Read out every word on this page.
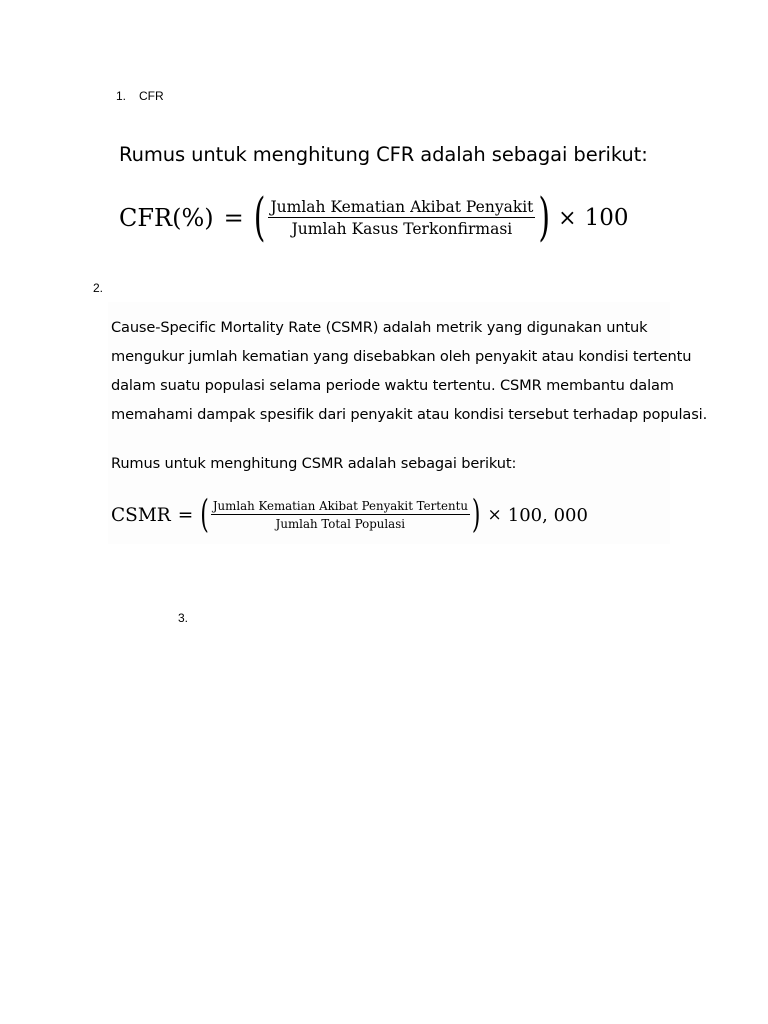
1. CFR
Rumus untuk menghitung CFR adalah sebagai berikut:
CFR(%) = ( $\frac{\text{Jumlah Kematian Akibat Penyakit}}{\text{Jumlah Kasus Terkonfirmasi}}$ ) × 100
2.
Cause-Specific Mortality Rate (CSMR) adalah metrik yang digunakan untuk
mengukur jumlah kematian yang disebabkan oleh penyakit atau kondisi tertentu
dalam suatu populasi selama periode waktu tertentu. CSMR membantu dalam
memahami dampak spesifik dari penyakit atau kondisi tersebut terhadap populasi.
Rumus untuk menghitung CSMR adalah sebagai berikut:
CSMR = ( $\frac{\text{Jumlah Kematian Akibat Penyakit Tertentu}}{\text{Jumlah Total Populasi}}$ ) × 100, 000
3.
